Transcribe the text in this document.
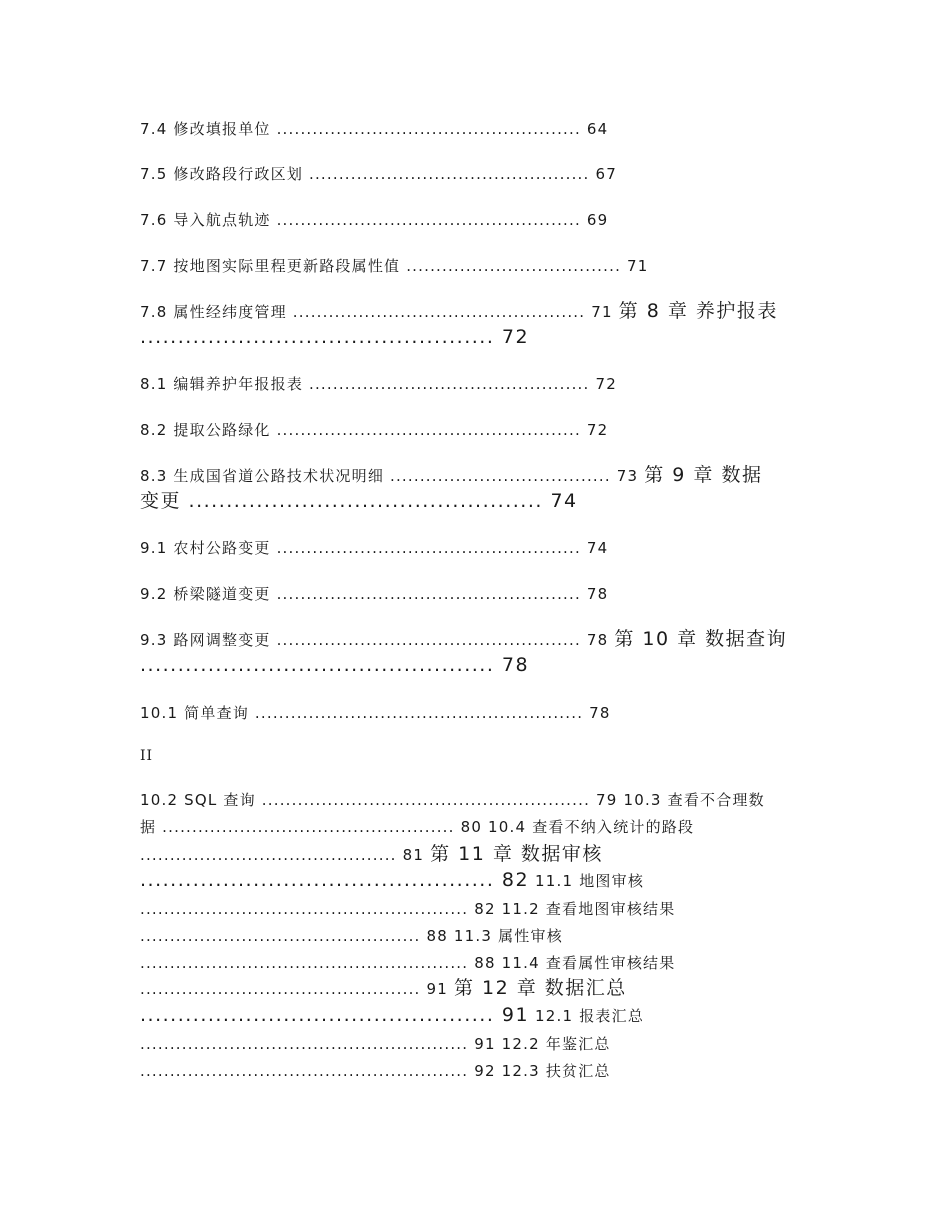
7.4 修改填报单位 ................................................... 64
7.5 修改路段行政区划 ............................................... 67
7.6 导入航点轨迹 ................................................... 69
7.7 按地图实际里程更新路段属性值 .................................... 71
7.8 属性经纬度管理 ................................................. 71 第 8 章 养护报表
............................................... 72
8.1 编辑养护年报报表 ............................................... 72
8.2 提取公路绿化 ................................................... 72
8.3 生成国省道公路技术状况明细 ..................................... 73 第 9 章 数据
变更 ............................................... 74
9.1 农村公路变更 ................................................... 74
9.2 桥梁隧道变更 ................................................... 78
9.3 路网调整变更 ................................................... 78 第 10 章 数据查询
............................................... 78
10.1 简单查询 ....................................................... 78
II
10.2 SQL 查询 ....................................................... 79 10.3 查看不合理数
据 ................................................. 80 10.4 查看不纳入统计的路段
........................................... 81 第 11 章 数据审核
............................................... 82 11.1 地图审核
....................................................... 82 11.2 查看地图审核结果
............................................... 88 11.3 属性审核
....................................................... 88 11.4 查看属性审核结果
............................................... 91 第 12 章 数据汇总
............................................... 91 12.1 报表汇总
....................................................... 91 12.2 年鉴汇总
....................................................... 92 12.3 扶贫汇总
